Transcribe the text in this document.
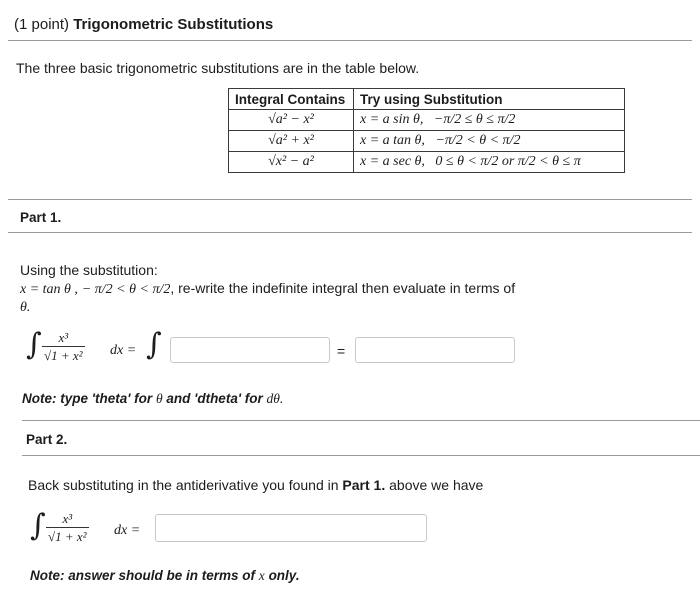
(1 point) Trigonometric Substitutions
The three basic trigonometric substitutions are in the table below.
Integral Contains	Try using Substitution
√a² − x²	x = a sin θ, −π/2 ≤ θ ≤ π/2
√a² + x²	x = a tan θ, −π/2 < θ < π/2
√x² − a²	x = a sec θ, 0 ≤ θ < π/2 or π/2 < θ ≤ π
Part 1.
Using the substitution:
x = tan θ , − π/2 < θ < π/2, re-write the indefinite integral then evaluate in terms of
θ.
∫ $\frac{\text{x³}}{\text{√1 + x²}}$ dx = ∫	=
Note: type 'theta' for θ and 'dtheta' for dθ.
Part 2.
Back substituting in the antiderivative you found in Part 1. above we have
∫ $\frac{\text{x³}}{\text{√1 + x²}}$ dx =
Note: answer should be in terms of x only.
